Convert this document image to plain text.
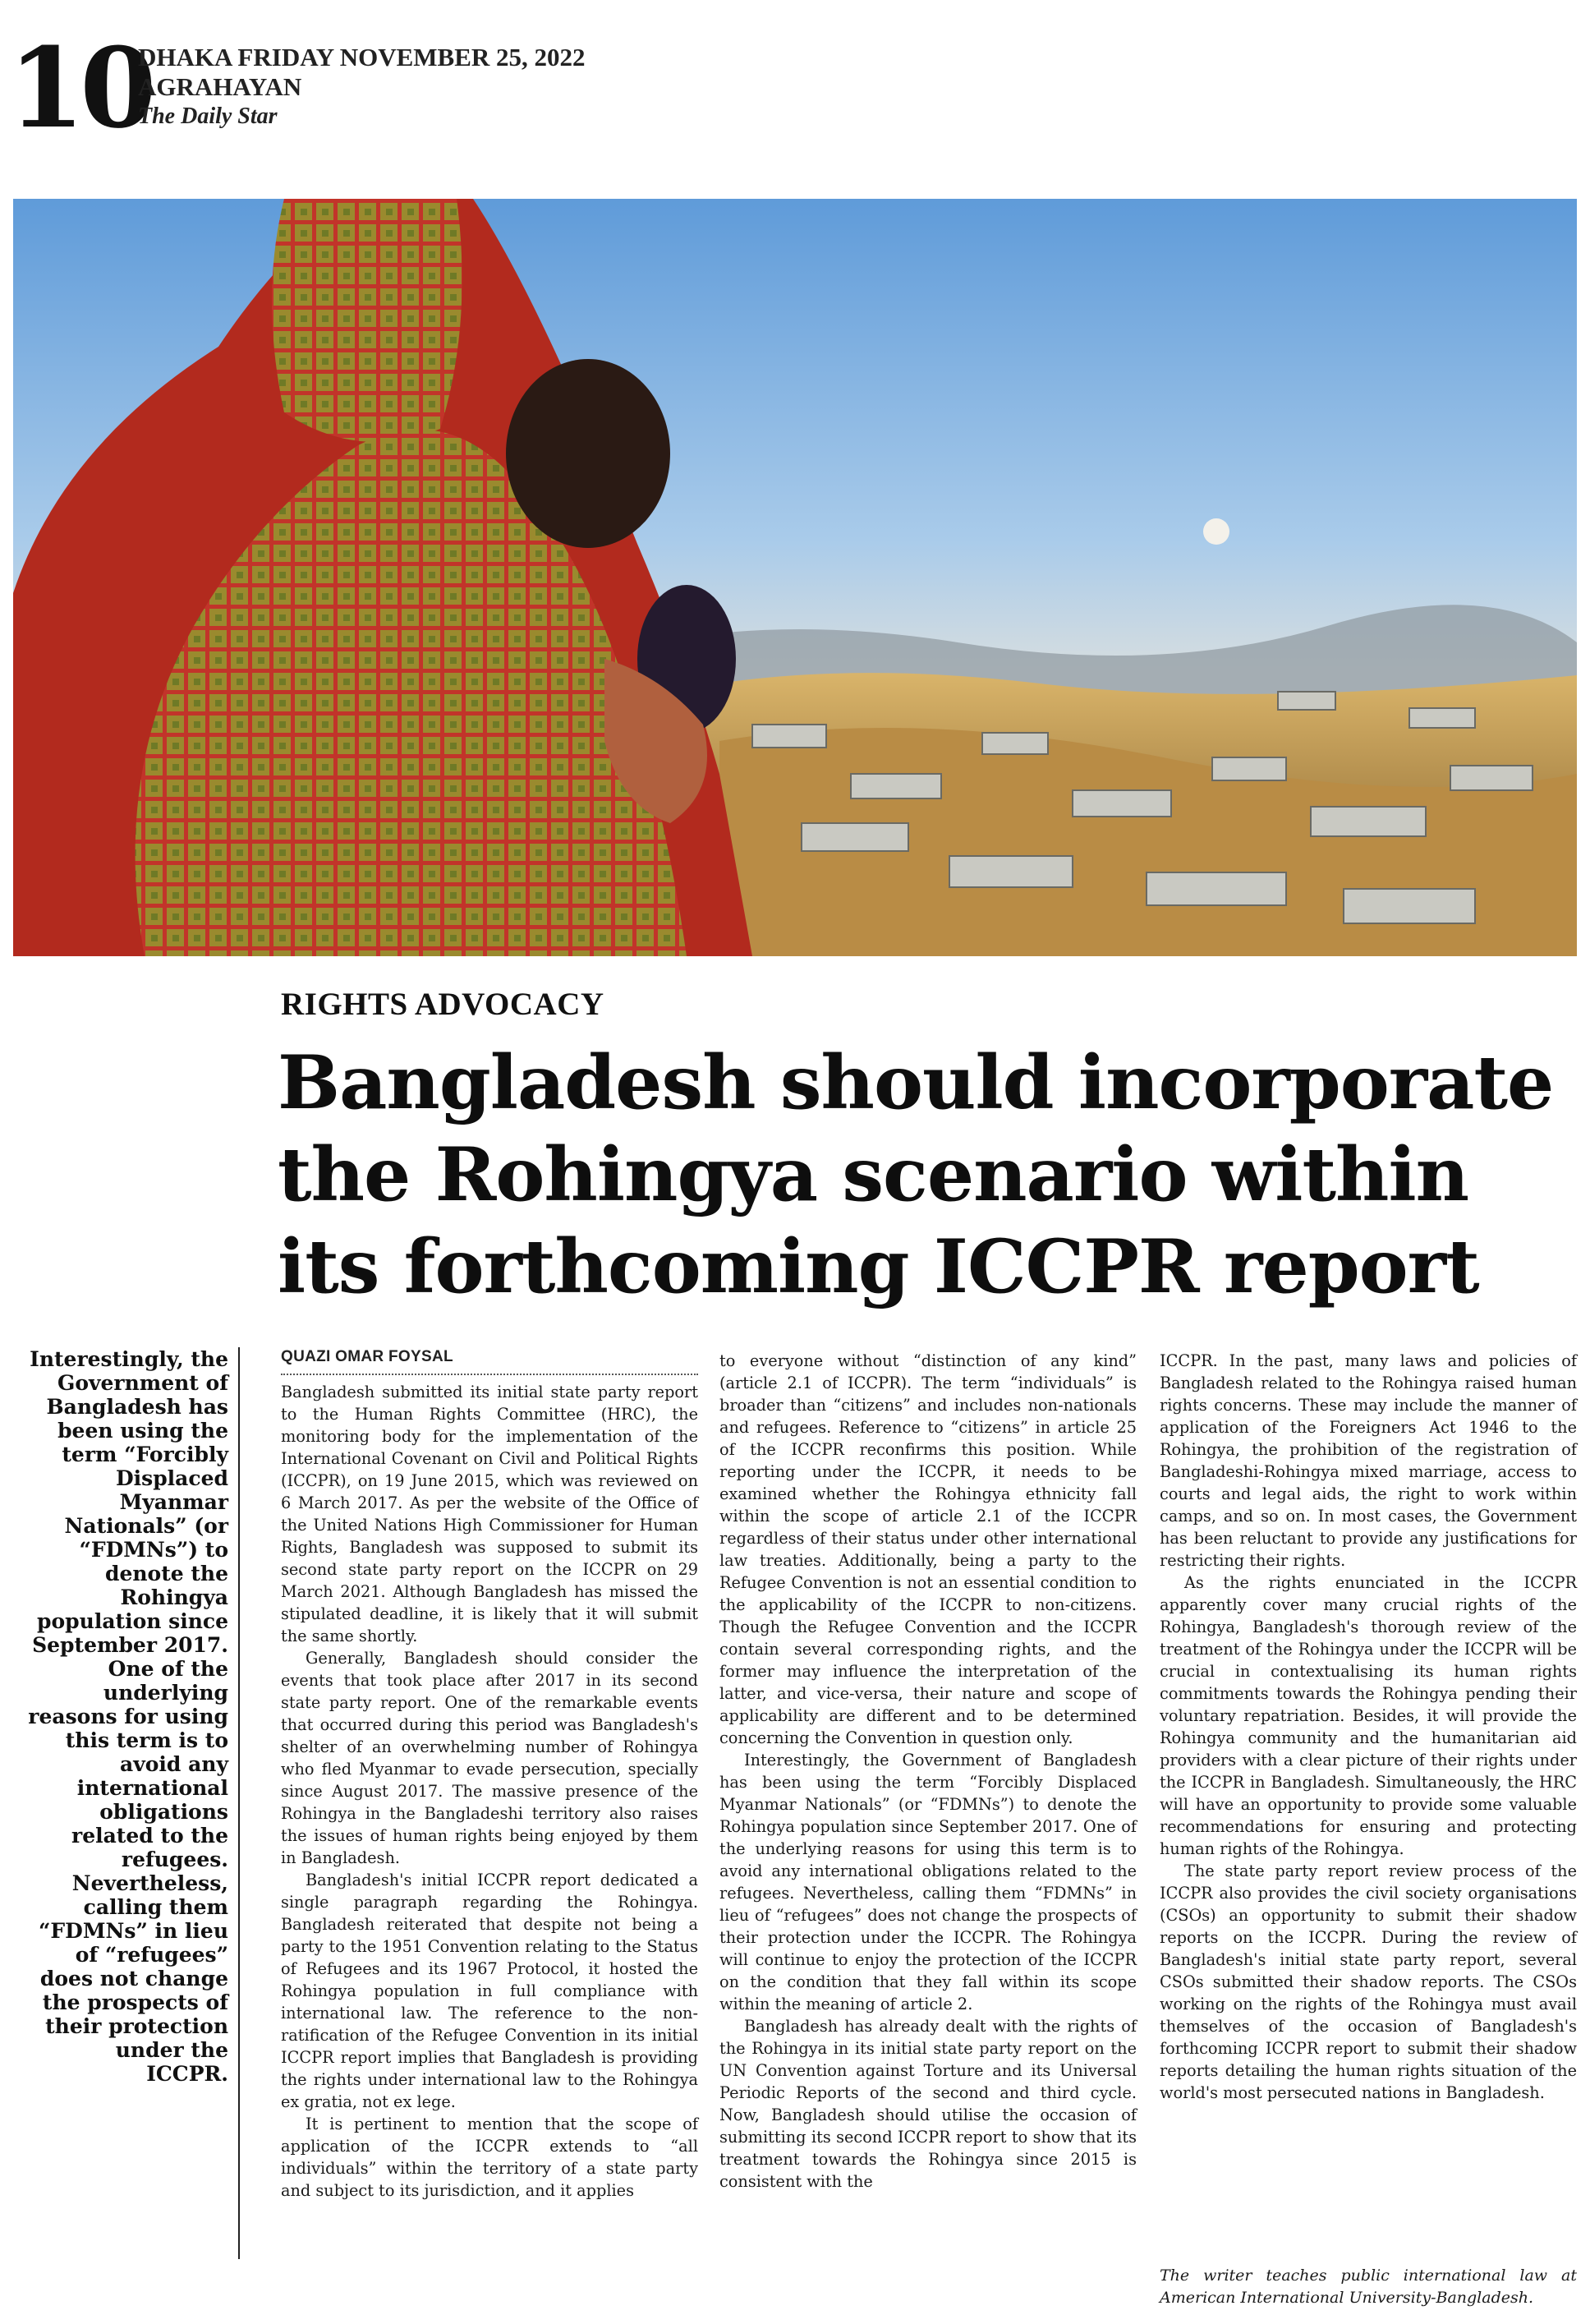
10
DHAKA FRIDAY NOVEMBER 25, 2022
AGRAHAYAN
The Daily Star
RIGHTS ADVOCACY
Bangladesh should incorporate the Rohingya scenario within its forthcoming ICCPR report
Interestingly, the Government of Bangladesh has been using the term “Forcibly Displaced Myanmar Nationals” (or “FDMNs”) to denote the Rohingya population since September 2017. One of the underlying reasons for using this term is to avoid any international obligations related to the refugees. Nevertheless, calling them “FDMNs” in lieu of “refugees” does not change the prospects of their protection under the ICCPR.
QUAZI OMAR FOYSAL

Bangladesh submitted its initial state party report to the Human Rights Committee (HRC), the monitoring body for the implementation of the International Covenant on Civil and Political Rights (ICCPR), on 19 June 2015, which was reviewed on 6 March 2017. As per the website of the Office of the United Nations High Commissioner for Human Rights, Bangladesh was supposed to submit its second state party report on the ICCPR on 29 March 2021. Although Bangladesh has missed the stipulated deadline, it is likely that it will submit the same shortly.

Generally, Bangladesh should consider the events that took place after 2017 in its second state party report. One of the remarkable events that occurred during this period was Bangladesh's shelter of an overwhelming number of Rohingya who fled Myanmar to evade persecution, specially since August 2017. The massive presence of the Rohingya in the Bangladeshi territory also raises the issues of human rights being enjoyed by them in Bangladesh.

Bangladesh's initial ICCPR report dedicated a single paragraph regarding the Rohingya. Bangladesh reiterated that despite not being a party to the 1951 Convention relating to the Status of Refugees and its 1967 Protocol, it hosted the Rohingya population in full compliance with international law. The reference to the non-ratification of the Refugee Convention in its initial ICCPR report implies that Bangladesh is providing the rights under international law to the Rohingya ex gratia, not ex lege.

It is pertinent to mention that the scope of application of the ICCPR extends to “all individuals” within the territory of a state party and subject to its jurisdiction, and it applies

to everyone without “distinction of any kind” (article 2.1 of ICCPR). The term “individuals” is broader than “citizens” and includes non-nationals and refugees. Reference to “citizens” in article 25 of the ICCPR reconfirms this position. While reporting under the ICCPR, it needs to be examined whether the Rohingya ethnicity fall within the scope of article 2.1 of the ICCPR regardless of their status under other international law treaties. Additionally, being a party to the Refugee Convention is not an essential condition to the applicability of the ICCPR to non-citizens. Though the Refugee Convention and the ICCPR contain several corresponding rights, and the former may influence the interpretation of the latter, and vice-versa, their nature and scope of applicability are different and to be determined concerning the Convention in question only.

Interestingly, the Government of Bangladesh has been using the term “Forcibly Displaced Myanmar Nationals” (or “FDMNs”) to denote the Rohingya population since September 2017. One of the underlying reasons for using this term is to avoid any international obligations related to the refugees. Nevertheless, calling them “FDMNs” in lieu of “refugees” does not change the prospects of their protection under the ICCPR. The Rohingya will continue to enjoy the protection of the ICCPR on the condition that they fall within its scope within the meaning of article 2.

Bangladesh has already dealt with the rights of the Rohingya in its initial state party report on the UN Convention against Torture and its Universal Periodic Reports of the second and third cycle. Now, Bangladesh should utilise the occasion of submitting its second ICCPR report to show that its treatment towards the Rohingya since 2015 is consistent with the

ICCPR. In the past, many laws and policies of Bangladesh related to the Rohingya raised human rights concerns. These may include the manner of application of the Foreigners Act 1946 to the Rohingya, the prohibition of the registration of Bangladeshi-Rohingya mixed marriage, access to courts and legal aids, the right to work within camps, and so on. In most cases, the Government has been reluctant to provide any justifications for restricting their rights.

As the rights enunciated in the ICCPR apparently cover many crucial rights of the Rohingya, Bangladesh's thorough review of the treatment of the Rohingya under the ICCPR will be crucial in contextualising its human rights commitments towards the Rohingya pending their voluntary repatriation. Besides, it will provide the Rohingya community and the humanitarian aid providers with a clear picture of their rights under the ICCPR in Bangladesh. Simultaneously, the HRC will have an opportunity to provide some valuable recommendations for ensuring and protecting human rights of the Rohingya.

The state party report review process of the ICCPR also provides the civil society organisations (CSOs) an opportunity to submit their shadow reports on the ICCPR. During the review of Bangladesh's initial state party report, several CSOs submitted their shadow reports. The CSOs working on the rights of the Rohingya must avail themselves of the occasion of Bangladesh's forthcoming ICCPR report to submit their shadow reports detailing the human rights situation of the world's most persecuted nations in Bangladesh.

The writer teaches public international law at American International University-Bangladesh.
